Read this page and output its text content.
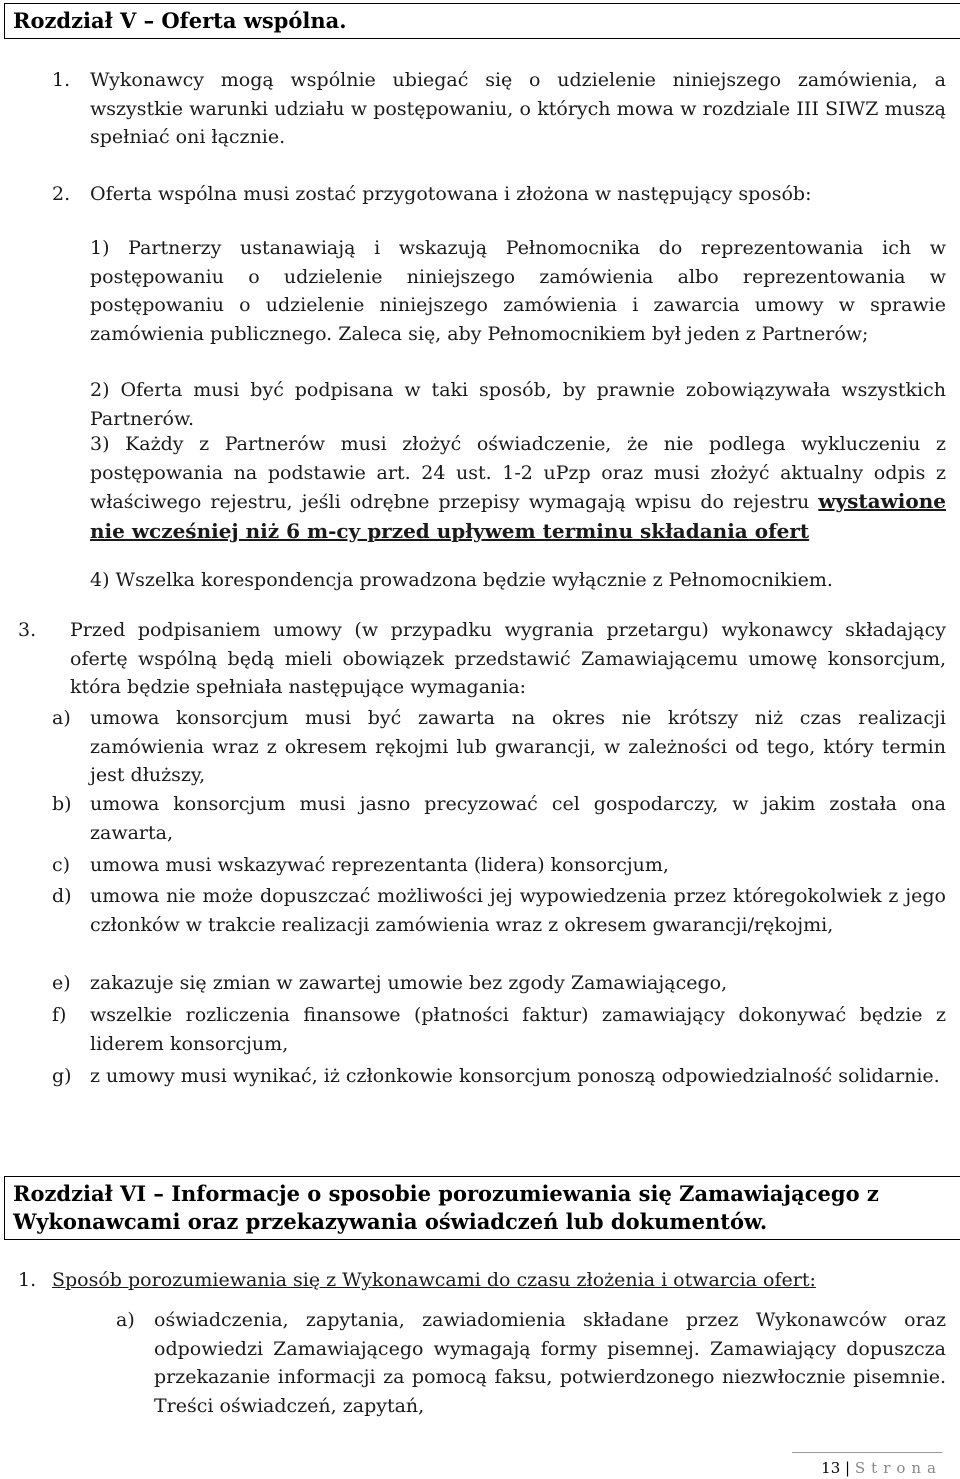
Rozdział V – Oferta wspólna.
1. Wykonawcy mogą wspólnie ubiegać się o udzielenie niniejszego zamówienia, a wszystkie warunki udziału w postępowaniu, o których mowa w rozdziale III SIWZ muszą spełniać oni łącznie.

2. Oferta wspólna musi zostać przygotowana i złożona w następujący sposób:

1) Partnerzy ustanawiają i wskazują Pełnomocnika do reprezentowania ich w postępowaniu o udzielenie niniejszego zamówienia albo reprezentowania w postępowaniu o udzielenie niniejszego zamówienia i zawarcia umowy w sprawie zamówienia publicznego. Zaleca się, aby Pełnomocnikiem był jeden z Partnerów;

2) Oferta musi być podpisana w taki sposób, by prawnie zobowiązywała wszystkich Partnerów.

3) Każdy z Partnerów musi złożyć oświadczenie, że nie podlega wykluczeniu z postępowania na podstawie art. 24 ust. 1-2 uPzp oraz musi złożyć aktualny odpis z właściwego rejestru, jeśli odrębne przepisy wymagają wpisu do rejestru wystawione nie wcześniej niż 6 m-cy przed upływem terminu składania ofert

4) Wszelka korespondencja prowadzona będzie wyłącznie z Pełnomocnikiem.

3. Przed podpisaniem umowy (w przypadku wygrania przetargu) wykonawcy składający ofertę wspólną będą mieli obowiązek przedstawić Zamawiającemu umowę konsorcjum, która będzie spełniała następujące wymagania:

a) umowa konsorcjum musi być zawarta na okres nie krótszy niż czas realizacji zamówienia wraz z okresem rękojmi lub gwarancji, w zależności od tego, który termin jest dłuższy,

b) umowa konsorcjum musi jasno precyzować cel gospodarczy, w jakim została ona zawarta,

c) umowa musi wskazywać reprezentanta (lidera) konsorcjum,

d) umowa nie może dopuszczać możliwości jej wypowiedzenia przez któregokolwiek z jego członków w trakcie realizacji zamówienia wraz z okresem gwarancji/rękojmi,

e) zakazuje się zmian w zawartej umowie bez zgody Zamawiającego,

f) wszelkie rozliczenia finansowe (płatności faktur) zamawiający dokonywać będzie z liderem konsorcjum,

g) z umowy musi wynikać, iż członkowie konsorcjum ponoszą odpowiedzialność solidarnie.

Rozdział VI – Informacje o sposobie porozumiewania się Zamawiającego z Wykonawcami oraz przekazywania oświadczeń lub dokumentów.
1. Sposób porozumiewania się z Wykonawcami do czasu złożenia i otwarcia ofert:

a) oświadczenia, zapytania, zawiadomienia składane przez Wykonawców oraz odpowiedzi Zamawiającego wymagają formy pisemnej. Zamawiający dopuszcza przekazanie informacji za pomocą faksu, potwierdzonego niezwłocznie pisemnie. Treści oświadczeń, zapytań,

13 | Strona
